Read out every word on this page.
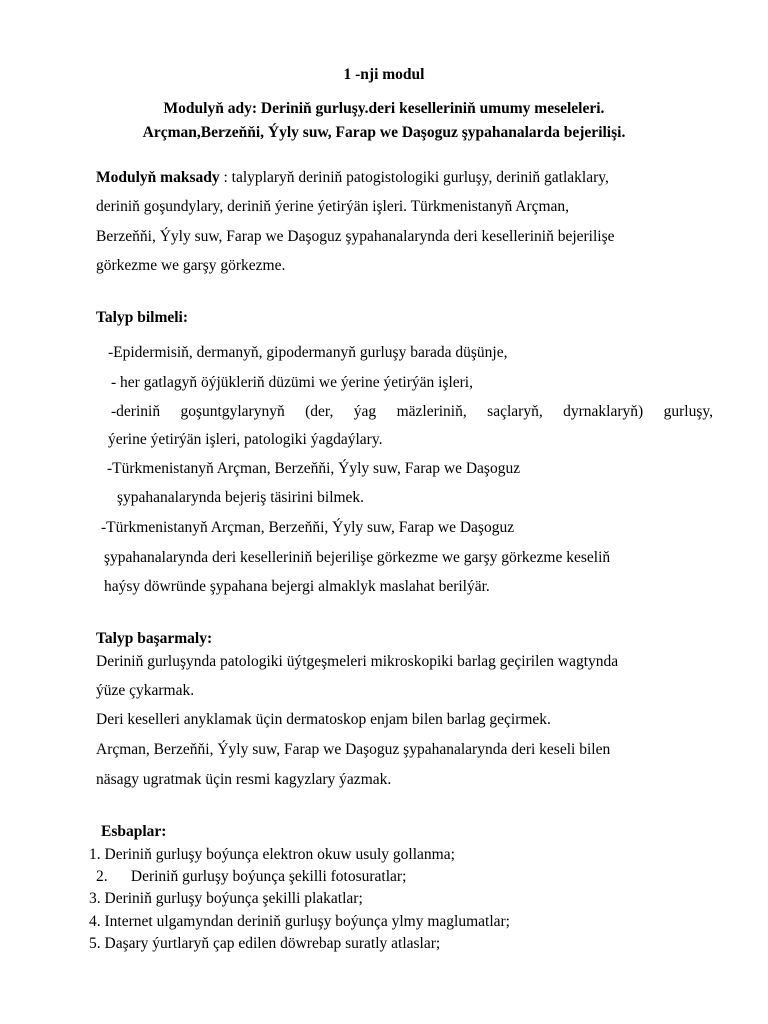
1 -nji modul
Modulyň ady: Deriniň gurluşy.deri keselleriniň umumy meseleleri.
Arçman,Berzeňňi, Ýyly suw, Farap we Daşoguz şypahanalarda bejerilişi.
Modulyň maksady : talyplaryň deriniň patogistologiki gurluşy, deriniň gatlaklary,
deriniň goşundylary, deriniň ýerine ýetirýän işleri. Türkmenistanyň Arçman,
Berzeňňi, Ýyly suw, Farap we Daşoguz şypahanalarynda deri keselleriniň bejerilişe
görkezme we garşy görkezme.
Talyp bilmeli:
-Epidermisiň, dermanyň, gipodermanyň gurluşy barada düşünje,
- her gatlagyň öýjükleriň düzümi we ýerine ýetirýän işleri,
-deriniň goşuntgylarynyň (der, ýag mäzleriniň, saçlaryň, dyrnaklaryň) gurluşy,
ýerine ýetirýän işleri, patologiki ýagdaýlary.
-Türkmenistanyň Arçman, Berzeňňi, Ýyly suw, Farap we Daşoguz
şypahanalarynda bejeriş täsirini bilmek.
-Türkmenistanyň Arçman, Berzeňňi, Ýyly suw, Farap we Daşoguz
şypahanalarynda deri keselleriniň bejerilişe görkezme we garşy görkezme keseliň
haýsy döwründe şypahana bejergi almaklyk maslahat berilýär.
Talyp başarmaly:
Deriniň gurluşynda patologiki üýtgeşmeleri mikroskopiki barlag geçirilen wagtynda
ýüze çykarmak.
Deri keselleri anyklamak üçin dermatoskop enjam bilen barlag geçirmek.
Arçman, Berzeňňi, Ýyly suw, Farap we Daşoguz şypahanalarynda deri keseli bilen
näsagy ugratmak üçin resmi kagyzlary ýazmak.
Esbaplar:
1. Deriniň gurluşy boýunça elektron okuw usuly gollanma;
2.      Deriniň gurluşy boýunça şekilli fotosuratlar;
3. Deriniň gurluşy boýunça şekilli plakatlar;
4. Internet ulgamyndan deriniň gurluşy boýunça ylmy maglumatlar;
5. Daşary ýurtlaryň çap edilen döwrebap suratly atlaslar;
